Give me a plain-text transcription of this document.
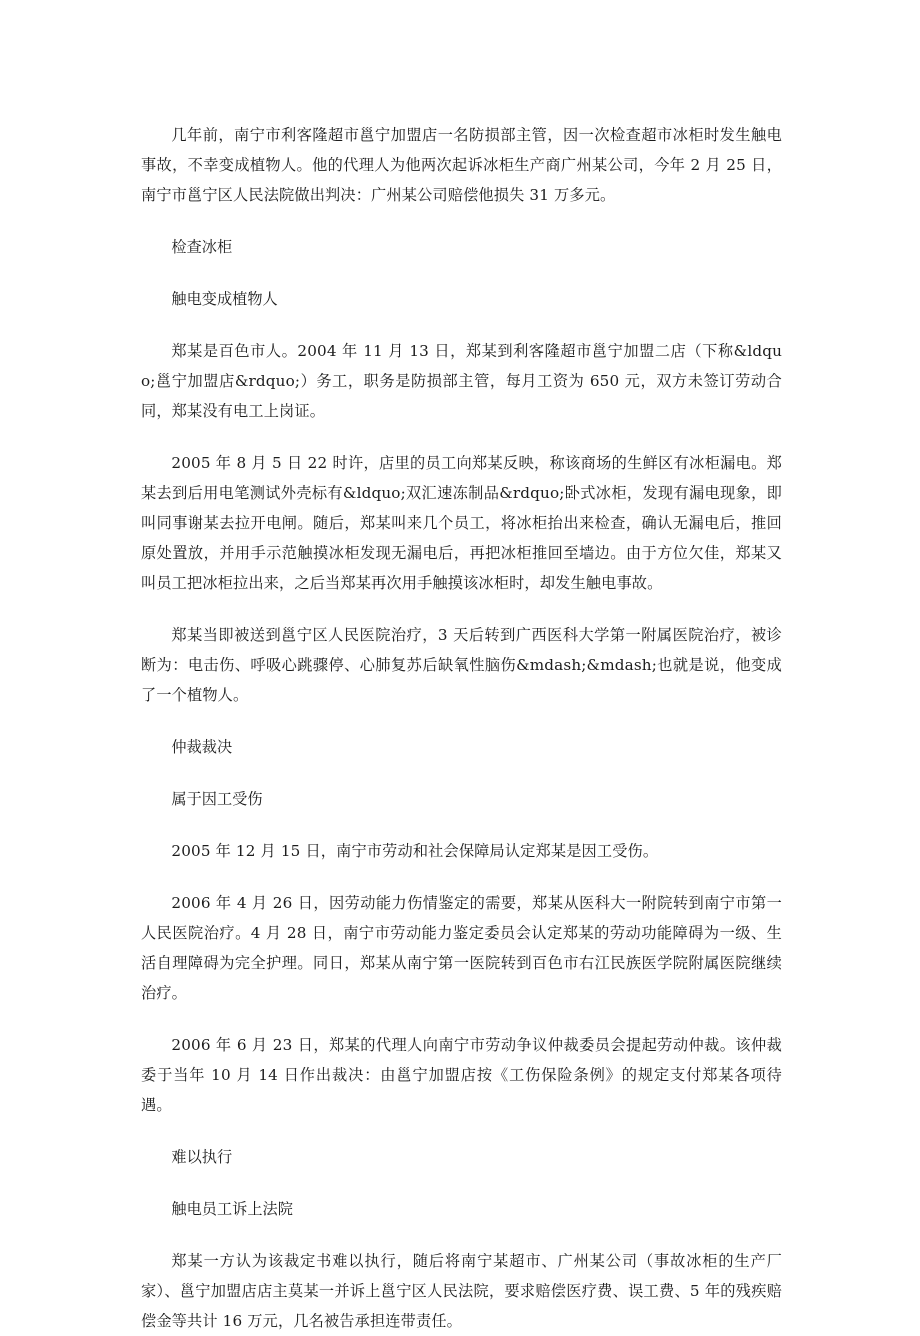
几年前，南宁市利客隆超市邕宁加盟店一名防损部主管，因一次检查超市冰柜时发生触电事故，不幸变成植物人。他的代理人为他两次起诉冰柜生产商广州某公司，今年 2 月 25 日，南宁市邕宁区人民法院做出判决：广州某公司赔偿他损失 31 万多元。

检查冰柜

触电变成植物人

郑某是百色市人。2004 年 11 月 13 日，郑某到利客隆超市邕宁加盟二店（下称&ldquo;邕宁加盟店&rdquo;）务工，职务是防损部主管，每月工资为 650 元，双方未签订劳动合同，郑某没有电工上岗证。

2005 年 8 月 5 日 22 时许，店里的员工向郑某反映，称该商场的生鲜区有冰柜漏电。郑某去到后用电笔测试外壳标有&ldquo;双汇速冻制品&rdquo;卧式冰柜，发现有漏电现象，即叫同事谢某去拉开电闸。随后，郑某叫来几个员工，将冰柜抬出来检查，确认无漏电后，推回原处置放，并用手示范触摸冰柜发现无漏电后，再把冰柜推回至墙边。由于方位欠佳，郑某又叫员工把冰柜拉出来，之后当郑某再次用手触摸该冰柜时，却发生触电事故。

郑某当即被送到邕宁区人民医院治疗，3 天后转到广西医科大学第一附属医院治疗，被诊断为：电击伤、呼吸心跳骤停、心肺复苏后缺氧性脑伤&mdash;&mdash;也就是说，他变成了一个植物人。

仲裁裁决

属于因工受伤

2005 年 12 月 15 日，南宁市劳动和社会保障局认定郑某是因工受伤。

2006 年 4 月 26 日，因劳动能力伤情鉴定的需要，郑某从医科大一附院转到南宁市第一人民医院治疗。4 月 28 日，南宁市劳动能力鉴定委员会认定郑某的劳动功能障碍为一级、生活自理障碍为完全护理。同日，郑某从南宁第一医院转到百色市右江民族医学院附属医院继续治疗。

2006 年 6 月 23 日，郑某的代理人向南宁市劳动争议仲裁委员会提起劳动仲裁。该仲裁委于当年 10 月 14 日作出裁决：由邕宁加盟店按《工伤保险条例》的规定支付郑某各项待遇。

难以执行

触电员工诉上法院

郑某一方认为该裁定书难以执行，随后将南宁某超市、广州某公司（事故冰柜的生产厂家）、邕宁加盟店店主莫某一并诉上邕宁区人民法院，要求赔偿医疗费、误工费、5 年的残疾赔偿金等共计 16 万元，几名被告承担连带责任。
